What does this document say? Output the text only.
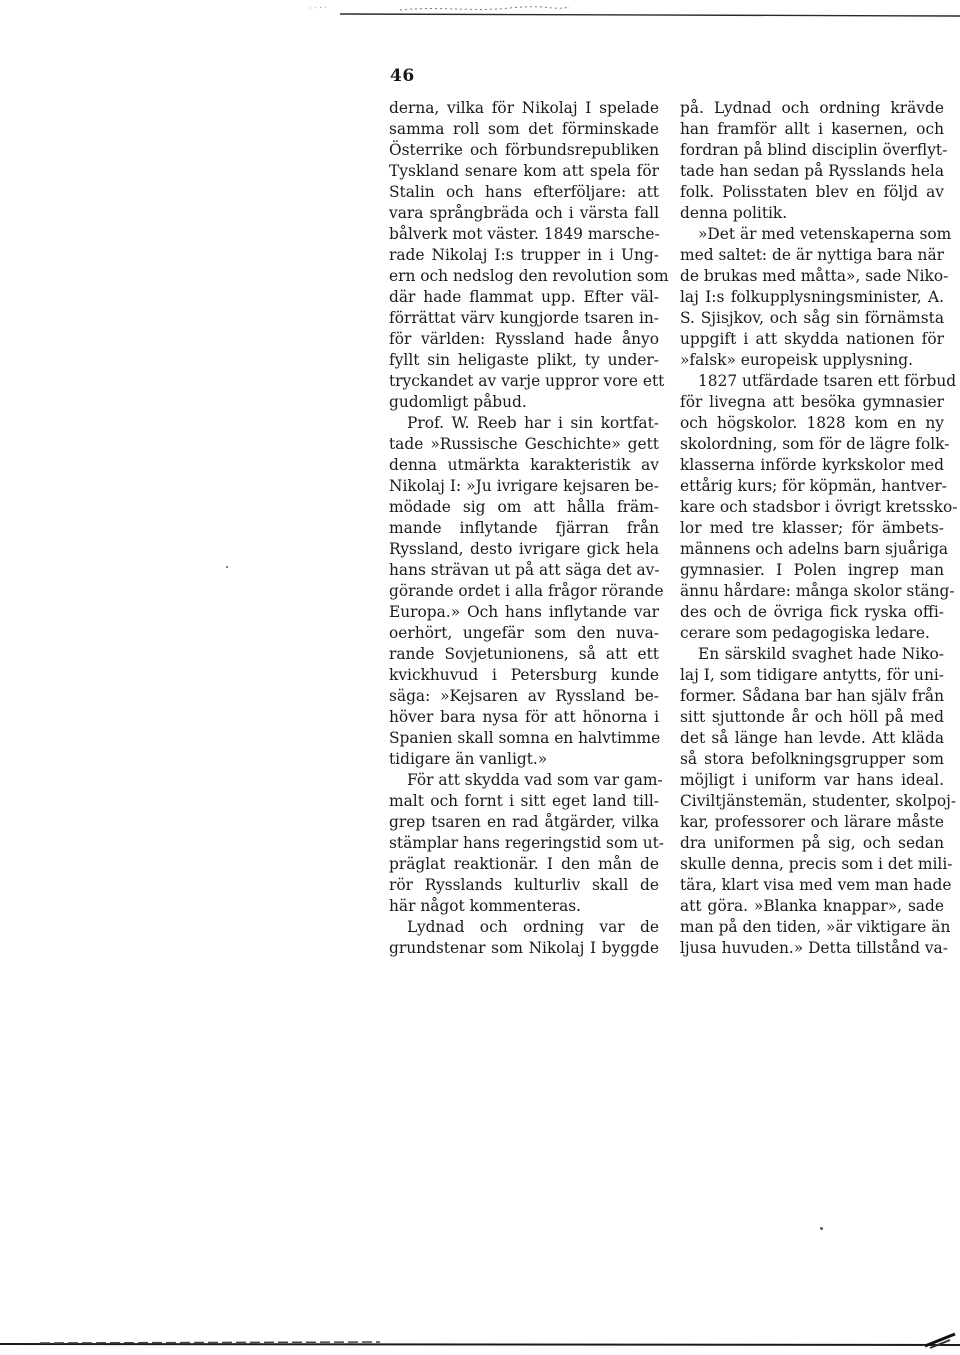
46
derna, vilka för Nikolaj I spelade
samma roll som det förminskade
Österrike och förbundsrepubliken
Tyskland senare kom att spela för
Stalin och hans efterföljare: att
vara språngbräda och i värsta fall
bålverk mot väster. 1849 marsche-
rade Nikolaj I:s trupper in i Ung-
ern och nedslog den revolution som
där hade flammat upp. Efter väl-
förrättat värv kungjorde tsaren in-
för världen: Ryssland hade ånyo
fyllt sin heligaste plikt, ty under-
tryckandet av varje uppror vore ett
gudomligt påbud.
Prof. W. Reeb har i sin kortfat-
tade »Russische Geschichte» gett
denna utmärkta karakteristik av
Nikolaj I: »Ju ivrigare kejsaren be-
mödade sig om att hålla främ-
mande inflytande fjärran från
Ryssland, desto ivrigare gick hela
hans strävan ut på att säga det av-
görande ordet i alla frågor rörande
Europa.» Och hans inflytande var
oerhört, ungefär som den nuva-
rande Sovjetunionens, så att ett
kvickhuvud i Petersburg kunde
säga: »Kejsaren av Ryssland be-
höver bara nysa för att hönorna i
Spanien skall somna en halvtimme
tidigare än vanligt.»
För att skydda vad som var gam-
malt och fornt i sitt eget land till-
grep tsaren en rad åtgärder, vilka
stämplar hans regeringstid som ut-
präglat reaktionär. I den mån de
rör Rysslands kulturliv skall de
här något kommenteras.
Lydnad och ordning var de
grundstenar som Nikolaj I byggde
på. Lydnad och ordning krävde
han framför allt i kasernen, och
fordran på blind disciplin överflyt-
tade han sedan på Rysslands hela
folk. Polisstaten blev en följd av
denna politik.
»Det är med vetenskaperna som
med saltet: de är nyttiga bara när
de brukas med måtta», sade Niko-
laj I:s folkupplysningsminister, A.
S. Sjisjkov, och såg sin förnämsta
uppgift i att skydda nationen för
»falsk» europeisk upplysning.
1827 utfärdade tsaren ett förbud
för livegna att besöka gymnasier
och högskolor. 1828 kom en ny
skolordning, som för de lägre folk-
klasserna införde kyrkskolor med
ettårig kurs; för köpmän, hantver-
kare och stadsbor i övrigt kretssko-
lor med tre klasser; för ämbets-
männens och adelns barn sjuåriga
gymnasier. I Polen ingrep man
ännu hårdare: många skolor stäng-
des och de övriga fick ryska offi-
cerare som pedagogiska ledare.
En särskild svaghet hade Niko-
laj I, som tidigare antytts, för uni-
former. Sådana bar han själv från
sitt sjuttonde år och höll på med
det så länge han levde. Att kläda
så stora befolkningsgrupper som
möjligt i uniform var hans ideal.
Civiltjänstemän, studenter, skolpoj-
kar, professorer och lärare måste
dra uniformen på sig, och sedan
skulle denna, precis som i det mili-
tära, klart visa med vem man hade
att göra. »Blanka knappar», sade
man på den tiden, »är viktigare än
ljusa huvuden.» Detta tillstånd va-
